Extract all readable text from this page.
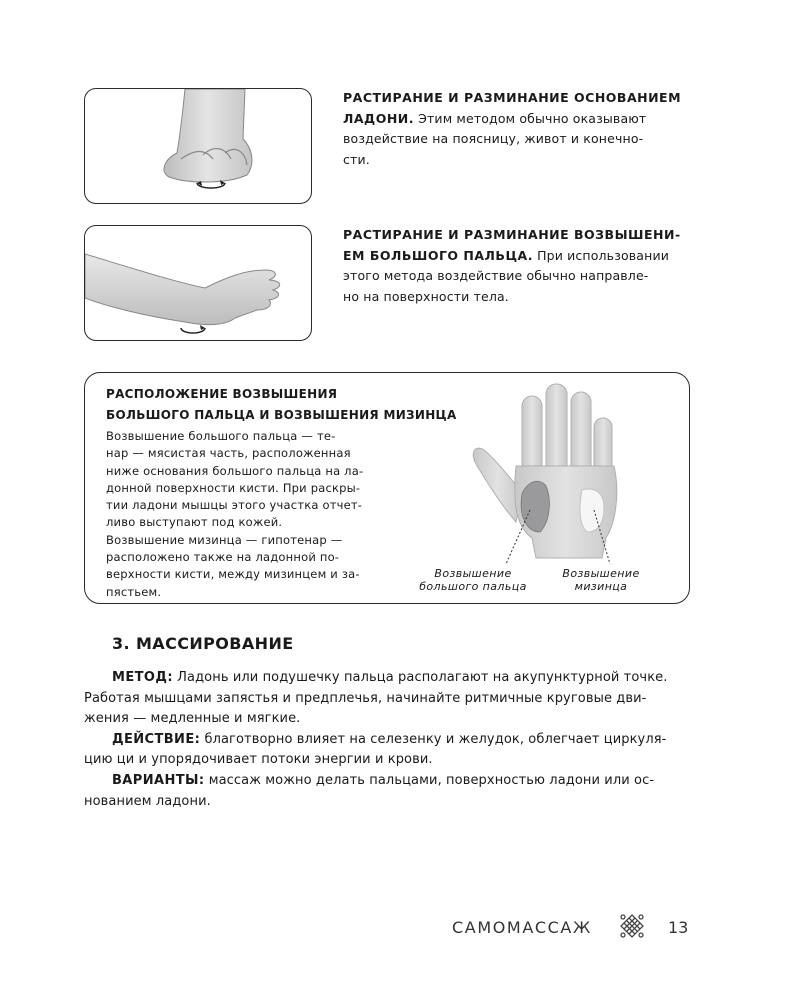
РАСТИРАНИЕ И РАЗМИНАНИЕ ОСНОВАНИЕМ
ЛАДОНИ. Этим методом обычно оказывают
воздействие на поясницу, живот и конечно-
сти.
РАСТИРАНИЕ И РАЗМИНАНИЕ ВОЗВЫШЕНИ-
ЕМ БОЛЬШОГО ПАЛЬЦА. При использовании
этого метода воздействие обычно направле-
но на поверхности тела.
РАСПОЛОЖЕНИЕ ВОЗВЫШЕНИЯ
БОЛЬШОГО ПАЛЬЦА И ВОЗВЫШЕНИЯ МИЗИНЦА
Возвышение большого пальца — те-
нар — мясистая часть, расположенная
ниже основания большого пальца на ла-
донной поверхности кисти. При раскры-
тии ладони мышцы этого участка отчет-
ливо выступают под кожей.
Возвышение мизинца — гипотенар —
расположено также на ладонной по-
верхности кисти, между мизинцем и за-
пястьем.
Возвышение
большого пальца
Возвышение
мизинца
3. МАССИРОВАНИЕ
МЕТОД: Ладонь или подушечку пальца располагают на акупунктурной точке.
Работая мышцами запястья и предплечья, начинайте ритмичные круговые дви-
жения — медленные и мягкие.
ДЕЙСТВИЕ: благотворно влияет на селезенку и желудок, облегчает циркуля-
цию ци и упорядочивает потоки энергии и крови.
ВАРИАНТЫ: массаж можно делать пальцами, поверхностью ладони или ос-
нованием ладони.
САМОМАССАЖ	13
